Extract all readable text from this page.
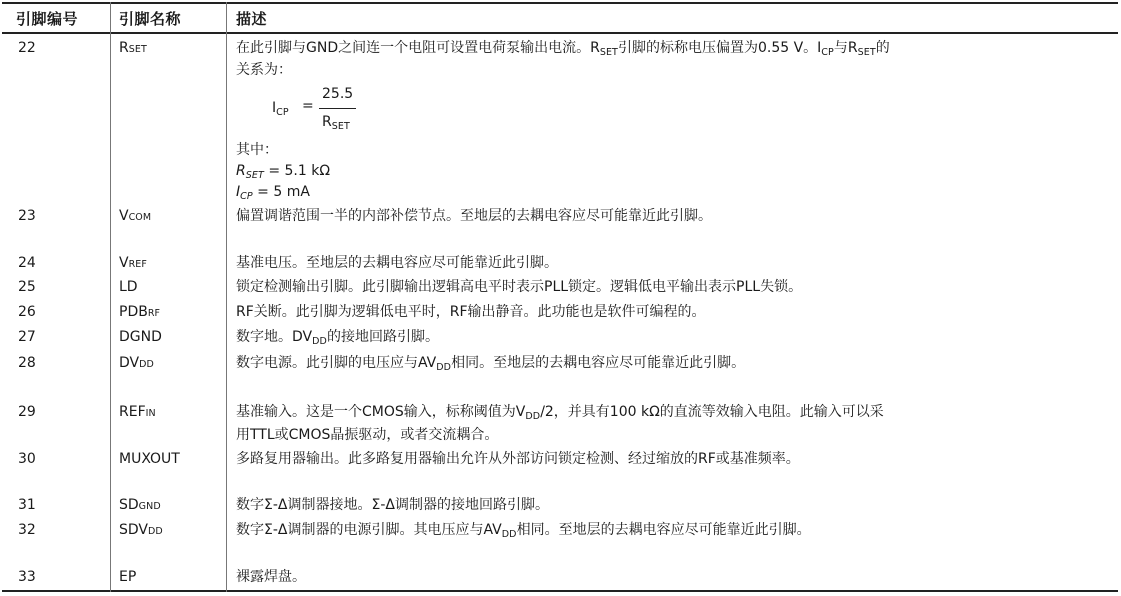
引脚编号	引脚名称	描述
22	RSET	在此引脚与GND之间连一个电阻可设置电荷泵输出电流。$R_{SET}$引脚的标称电压偏置为0.55 V。$I_{CP}$与$R_{SET}$的
关系为：
$I_{CP}$ =
25.5
$R_{SET}$
其中：
$R_{SET} = 5.1$ kΩ
$I_{CP} = 5$ mA
23	VCOM	偏置调谐范围一半的内部补偿节点。至地层的去耦电容应尽可能靠近此引脚。
24	VREF	基准电压。至地层的去耦电容应尽可能靠近此引脚。
25	LD	锁定检测输出引脚。此引脚输出逻辑高电平时表示PLL锁定。逻辑低电平输出表示PLL失锁。
26	PDBRF	RF关断。此引脚为逻辑低电平时，RF输出静音。此功能也是软件可编程的。
27	DGND	数字地。$DV_{DD}$的接地回路引脚。
28	DVDD	数字电源。此引脚的电压应与$AV_{DD}$相同。至地层的去耦电容应尽可能靠近此引脚。
29	REFIN	基准输入。这是一个CMOS输入，标称阈值为$V_{DD}/2$，并具有100 kΩ的直流等效输入电阻。此输入可以采
用TTL或CMOS晶振驱动，或者交流耦合。
30	MUXOUT	多路复用器输出。此多路复用器输出允许从外部访问锁定检测、经过缩放的RF或基准频率。
31	SDGND	数字Σ-Δ调制器接地。Σ-Δ调制器的接地回路引脚。
32	SDVDD	数字Σ-Δ调制器的电源引脚。其电压应与$AV_{DD}$相同。至地层的去耦电容应尽可能靠近此引脚。
33	EP	裸露焊盘。
